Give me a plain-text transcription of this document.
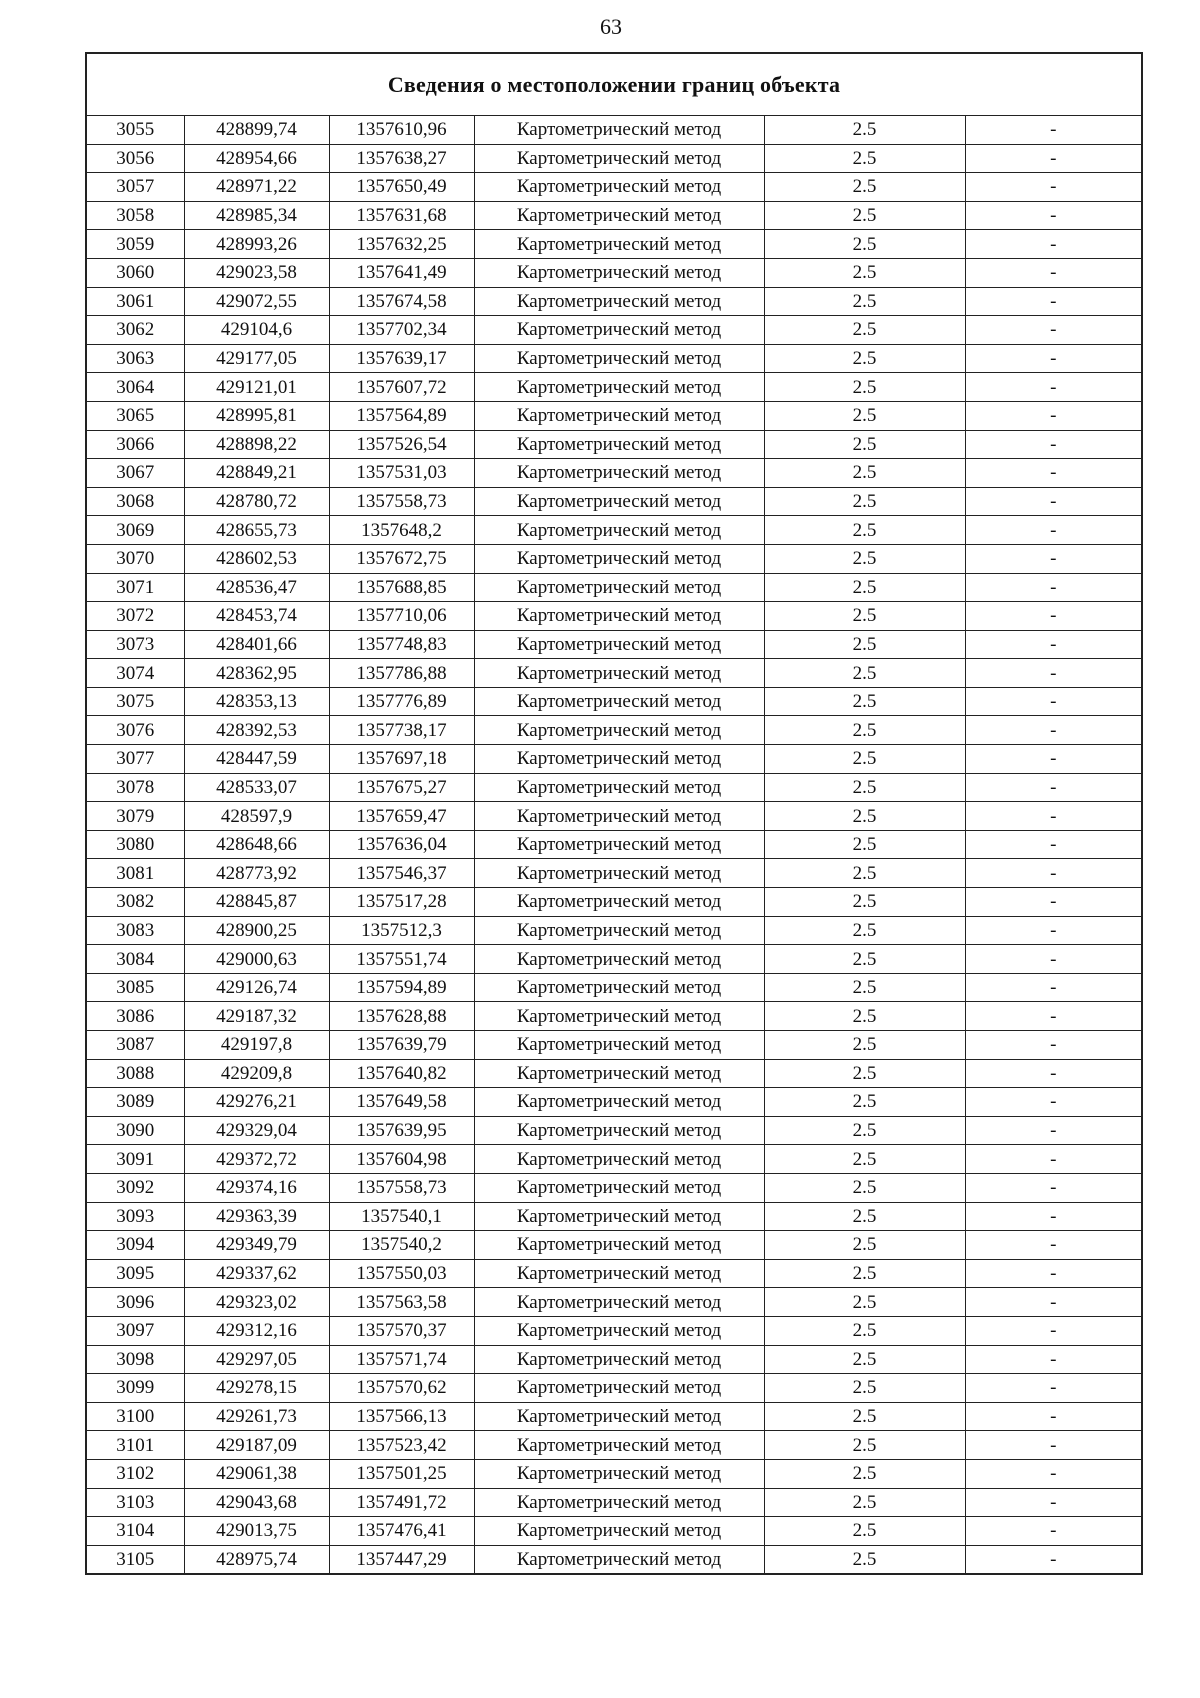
63
Сведения о местоположении границ объекта					
3055	428899,74	1357610,96	Картометрический метод	2.5	-
3056	428954,66	1357638,27	Картометрический метод	2.5	-
3057	428971,22	1357650,49	Картометрический метод	2.5	-
3058	428985,34	1357631,68	Картометрический метод	2.5	-
3059	428993,26	1357632,25	Картометрический метод	2.5	-
3060	429023,58	1357641,49	Картометрический метод	2.5	-
3061	429072,55	1357674,58	Картометрический метод	2.5	-
3062	429104,6	1357702,34	Картометрический метод	2.5	-
3063	429177,05	1357639,17	Картометрический метод	2.5	-
3064	429121,01	1357607,72	Картометрический метод	2.5	-
3065	428995,81	1357564,89	Картометрический метод	2.5	-
3066	428898,22	1357526,54	Картометрический метод	2.5	-
3067	428849,21	1357531,03	Картометрический метод	2.5	-
3068	428780,72	1357558,73	Картометрический метод	2.5	-
3069	428655,73	1357648,2	Картометрический метод	2.5	-
3070	428602,53	1357672,75	Картометрический метод	2.5	-
3071	428536,47	1357688,85	Картометрический метод	2.5	-
3072	428453,74	1357710,06	Картометрический метод	2.5	-
3073	428401,66	1357748,83	Картометрический метод	2.5	-
3074	428362,95	1357786,88	Картометрический метод	2.5	-
3075	428353,13	1357776,89	Картометрический метод	2.5	-
3076	428392,53	1357738,17	Картометрический метод	2.5	-
3077	428447,59	1357697,18	Картометрический метод	2.5	-
3078	428533,07	1357675,27	Картометрический метод	2.5	-
3079	428597,9	1357659,47	Картометрический метод	2.5	-
3080	428648,66	1357636,04	Картометрический метод	2.5	-
3081	428773,92	1357546,37	Картометрический метод	2.5	-
3082	428845,87	1357517,28	Картометрический метод	2.5	-
3083	428900,25	1357512,3	Картометрический метод	2.5	-
3084	429000,63	1357551,74	Картометрический метод	2.5	-
3085	429126,74	1357594,89	Картометрический метод	2.5	-
3086	429187,32	1357628,88	Картометрический метод	2.5	-
3087	429197,8	1357639,79	Картометрический метод	2.5	-
3088	429209,8	1357640,82	Картометрический метод	2.5	-
3089	429276,21	1357649,58	Картометрический метод	2.5	-
3090	429329,04	1357639,95	Картометрический метод	2.5	-
3091	429372,72	1357604,98	Картометрический метод	2.5	-
3092	429374,16	1357558,73	Картометрический метод	2.5	-
3093	429363,39	1357540,1	Картометрический метод	2.5	-
3094	429349,79	1357540,2	Картометрический метод	2.5	-
3095	429337,62	1357550,03	Картометрический метод	2.5	-
3096	429323,02	1357563,58	Картометрический метод	2.5	-
3097	429312,16	1357570,37	Картометрический метод	2.5	-
3098	429297,05	1357571,74	Картометрический метод	2.5	-
3099	429278,15	1357570,62	Картометрический метод	2.5	-
3100	429261,73	1357566,13	Картометрический метод	2.5	-
3101	429187,09	1357523,42	Картометрический метод	2.5	-
3102	429061,38	1357501,25	Картометрический метод	2.5	-
3103	429043,68	1357491,72	Картометрический метод	2.5	-
3104	429013,75	1357476,41	Картометрический метод	2.5	-
3105	428975,74	1357447,29	Картометрический метод	2.5	-
